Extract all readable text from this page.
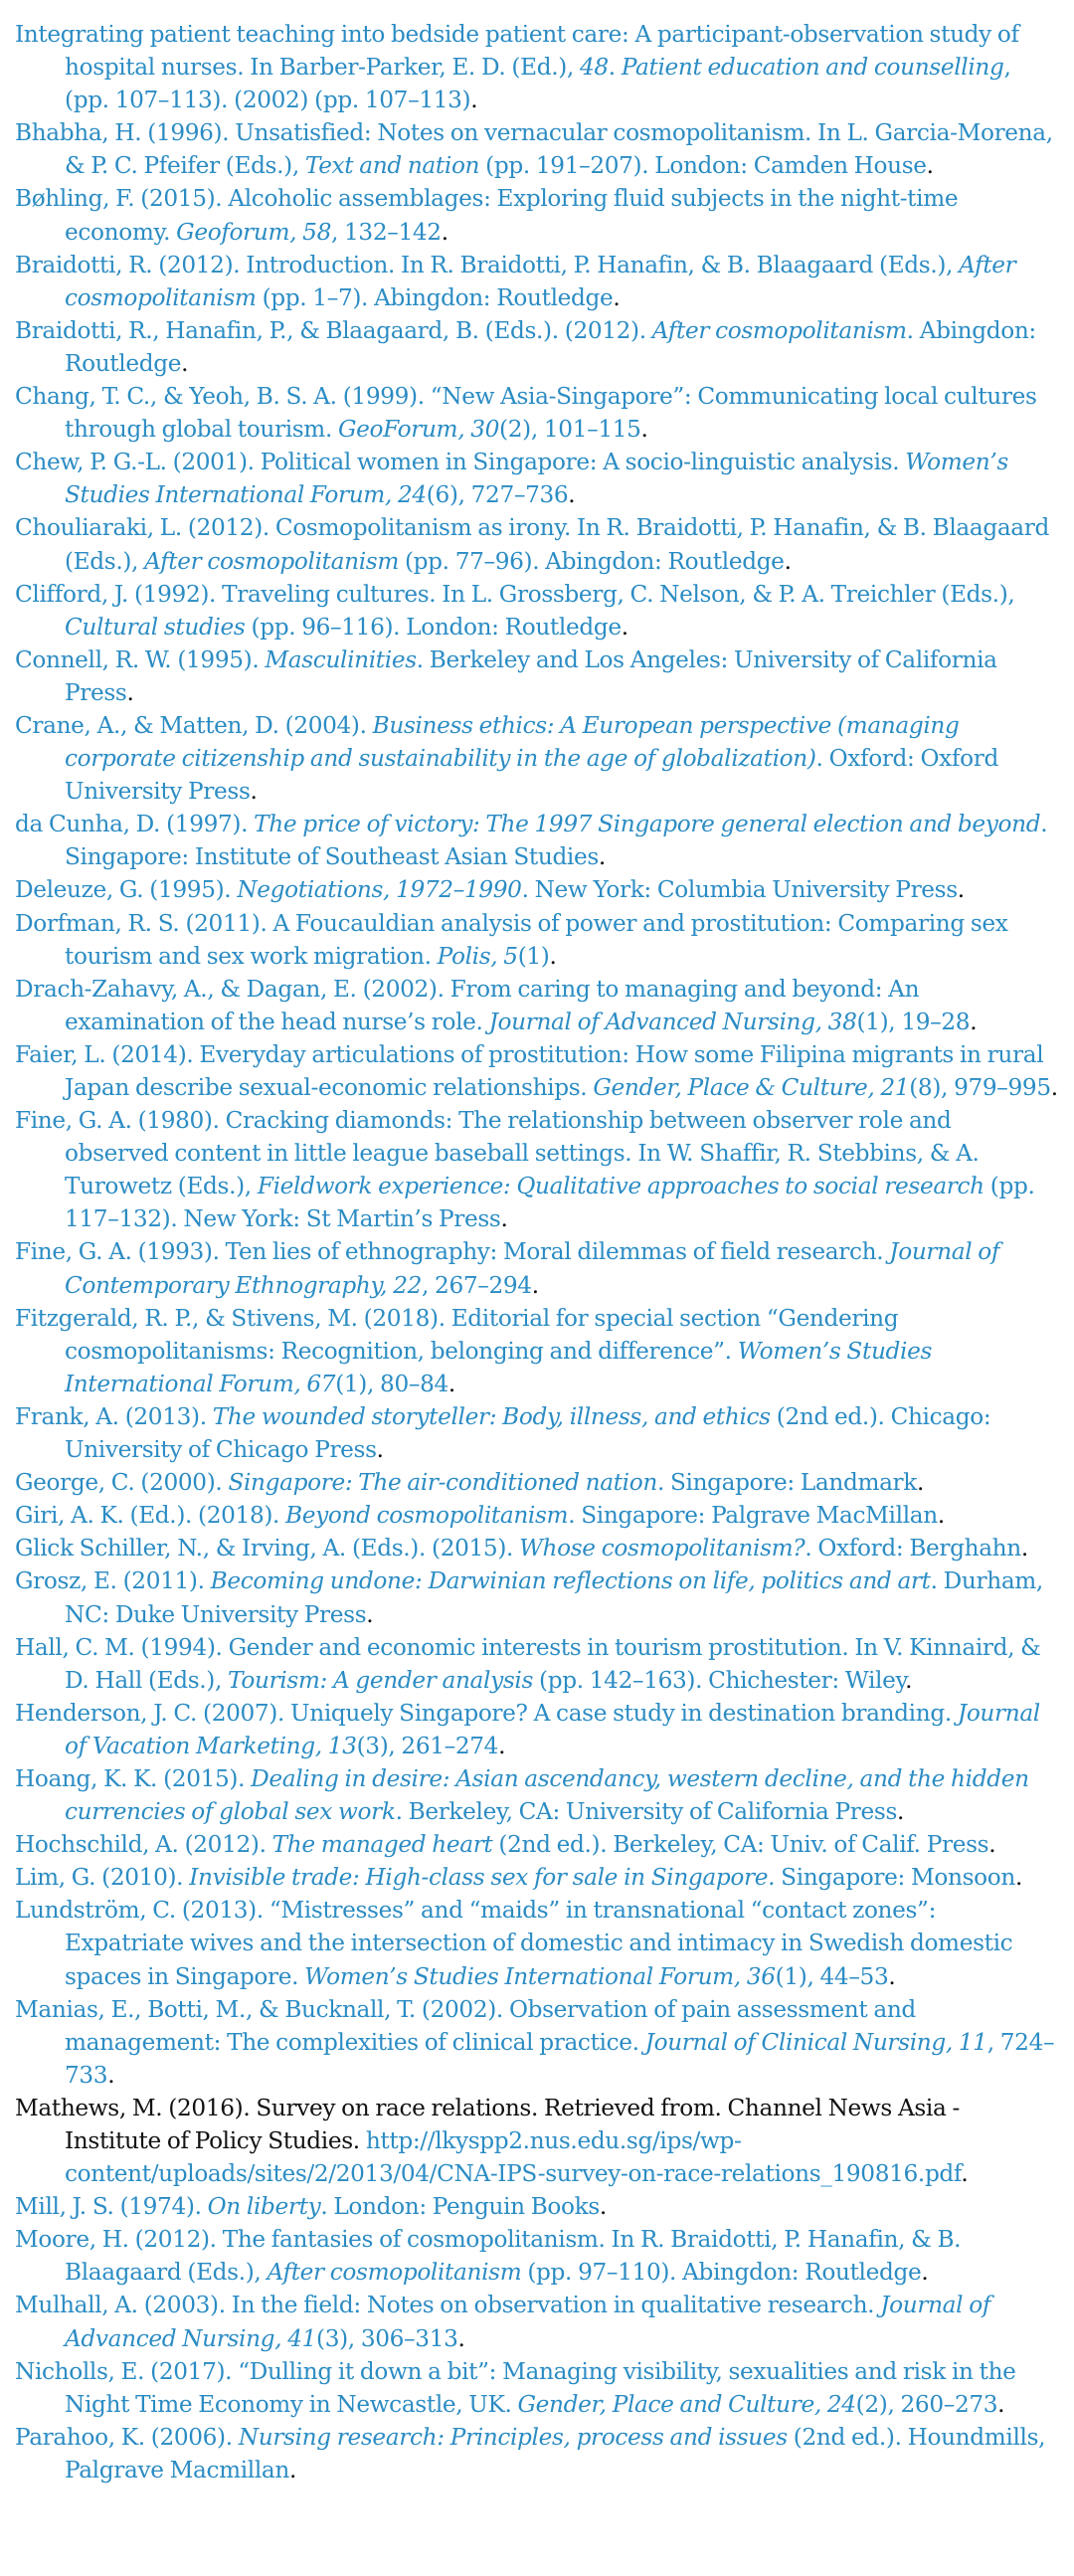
Integrating patient teaching into bedside patient care: A participant-observation study of hospital nurses. In Barber-Parker, E. D. (Ed.), 48. Patient education and counselling, (pp. 107–113). (2002) (pp. 107–113).

Bhabha, H. (1996). Unsatisfied: Notes on vernacular cosmopolitanism. In L. Garcia-Morena, & P. C. Pfeifer (Eds.), Text and nation (pp. 191–207). London: Camden House.

Bøhling, F. (2015). Alcoholic assemblages: Exploring fluid subjects in the night-time economy. Geoforum, 58, 132–142.

Braidotti, R. (2012). Introduction. In R. Braidotti, P. Hanafin, & B. Blaagaard (Eds.), After cosmopolitanism (pp. 1–7). Abingdon: Routledge.

Braidotti, R., Hanafin, P., & Blaagaard, B. (Eds.). (2012). After cosmopolitanism. Abingdon: Routledge.

Chang, T. C., & Yeoh, B. S. A. (1999). “New Asia-Singapore”: Communicating local cultures through global tourism. GeoForum, 30(2), 101–115.

Chew, P. G.-L. (2001). Political women in Singapore: A socio-linguistic analysis. Women’s Studies International Forum, 24(6), 727–736.

Chouliaraki, L. (2012). Cosmopolitanism as irony. In R. Braidotti, P. Hanafin, & B. Blaagaard (Eds.), After cosmopolitanism (pp. 77–96). Abingdon: Routledge.

Clifford, J. (1992). Traveling cultures. In L. Grossberg, C. Nelson, & P. A. Treichler (Eds.), Cultural studies (pp. 96–116). London: Routledge.

Connell, R. W. (1995). Masculinities. Berkeley and Los Angeles: University of California Press.

Crane, A., & Matten, D. (2004). Business ethics: A European perspective (managing corporate citizenship and sustainability in the age of globalization). Oxford: Oxford University Press.

da Cunha, D. (1997). The price of victory: The 1997 Singapore general election and beyond. Singapore: Institute of Southeast Asian Studies.

Deleuze, G. (1995). Negotiations, 1972–1990. New York: Columbia University Press.

Dorfman, R. S. (2011). A Foucauldian analysis of power and prostitution: Comparing sex tourism and sex work migration. Polis, 5(1).

Drach-Zahavy, A., & Dagan, E. (2002). From caring to managing and beyond: An examination of the head nurse’s role. Journal of Advanced Nursing, 38(1), 19–28.

Faier, L. (2014). Everyday articulations of prostitution: How some Filipina migrants in rural Japan describe sexual-economic relationships. Gender, Place & Culture, 21(8), 979–995.

Fine, G. A. (1980). Cracking diamonds: The relationship between observer role and observed content in little league baseball settings. In W. Shaffir, R. Stebbins, & A. Turowetz (Eds.), Fieldwork experience: Qualitative approaches to social research (pp. 117–132). New York: St Martin’s Press.

Fine, G. A. (1993). Ten lies of ethnography: Moral dilemmas of field research. Journal of Contemporary Ethnography, 22, 267–294.

Fitzgerald, R. P., & Stivens, M. (2018). Editorial for special section “Gendering cosmopolitanisms: Recognition, belonging and difference”. Women’s Studies International Forum, 67(1), 80–84.

Frank, A. (2013). The wounded storyteller: Body, illness, and ethics (2nd ed.). Chicago: University of Chicago Press.

George, C. (2000). Singapore: The air-conditioned nation. Singapore: Landmark.

Giri, A. K. (Ed.). (2018). Beyond cosmopolitanism. Singapore: Palgrave MacMillan.

Glick Schiller, N., & Irving, A. (Eds.). (2015). Whose cosmopolitanism?. Oxford: Berghahn.

Grosz, E. (2011). Becoming undone: Darwinian reflections on life, politics and art. Durham, NC: Duke University Press.

Hall, C. M. (1994). Gender and economic interests in tourism prostitution. In V. Kinnaird, & D. Hall (Eds.), Tourism: A gender analysis (pp. 142–163). Chichester: Wiley.

Henderson, J. C. (2007). Uniquely Singapore? A case study in destination branding. Journal of Vacation Marketing, 13(3), 261–274.

Hoang, K. K. (2015). Dealing in desire: Asian ascendancy, western decline, and the hidden currencies of global sex work. Berkeley, CA: University of California Press.

Hochschild, A. (2012). The managed heart (2nd ed.). Berkeley, CA: Univ. of Calif. Press.

Lim, G. (2010). Invisible trade: High-class sex for sale in Singapore. Singapore: Monsoon.

Lundström, C. (2013). “Mistresses” and “maids” in transnational “contact zones”: Expatriate wives and the intersection of domestic and intimacy in Swedish domestic spaces in Singapore. Women’s Studies International Forum, 36(1), 44–53.

Manias, E., Botti, M., & Bucknall, T. (2002). Observation of pain assessment and management: The complexities of clinical practice. Journal of Clinical Nursing, 11, 724–733.

Mathews, M. (2016). Survey on race relations. Retrieved from. Channel News Asia - Institute of Policy Studies. http://lkyspp2.nus.edu.sg/ips/wp-content/uploads/sites/2/2013/04/CNA-IPS-survey-on-race-relations_190816.pdf.

Mill, J. S. (1974). On liberty. London: Penguin Books.

Moore, H. (2012). The fantasies of cosmopolitanism. In R. Braidotti, P. Hanafin, & B. Blaagaard (Eds.), After cosmopolitanism (pp. 97–110). Abingdon: Routledge.

Mulhall, A. (2003). In the field: Notes on observation in qualitative research. Journal of Advanced Nursing, 41(3), 306–313.

Nicholls, E. (2017). “Dulling it down a bit”: Managing visibility, sexualities and risk in the Night Time Economy in Newcastle, UK. Gender, Place and Culture, 24(2), 260–273.

Parahoo, K. (2006). Nursing research: Principles, process and issues (2nd ed.). Houndmills, Palgrave Macmillan.
